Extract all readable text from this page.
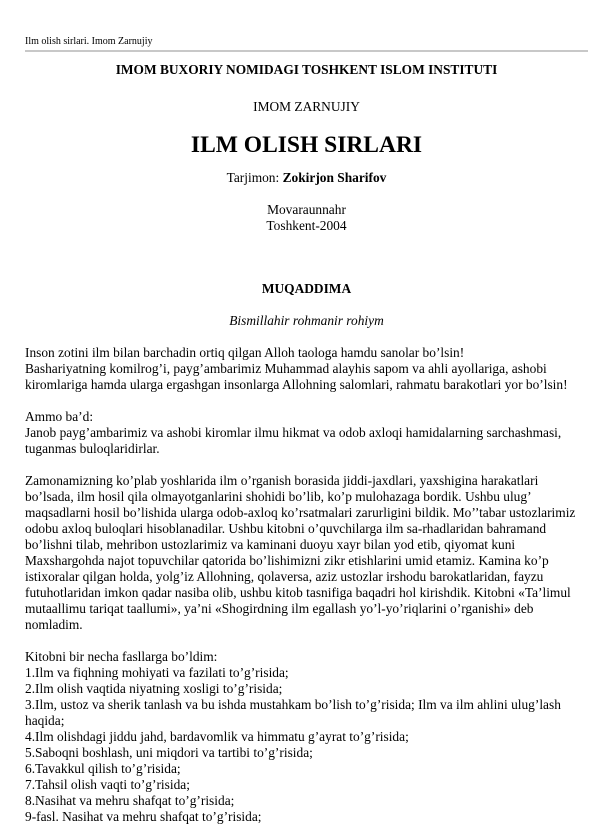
Ilm olish sirlari. Imom Zarnujiy
IMOM BUXORIY NOMIDAGI TOSHKENT ISLOM INSTITUTI
IMOM ZARNUJIY
ILM OLISH SIRLARI
Tarjimon: Zokirjon Sharifov
Movaraunnahr
Toshkent-2004
MUQADDIMA
Bismillahir rohmanir rohiym

Inson zotini ilm bilan barchadin ortiq qilgan Alloh taologa hamdu sanolar bo’lsin!

Bashariyatning komilrog’i, payg’ambarimiz Muhammad alayhis sapom va ahli ayollariga, ashobi kiromlariga hamda ularga ergashgan insonlarga Allohning salomlari, rahmatu barakotlari yor bo’lsin!

Ammo ba’d:

Janob payg’ambarimiz va ashobi kiromlar ilmu hikmat va odob axloqi hamidalarning sarchashmasi, tuganmas buloqlaridirlar.

Zamonamizning ko’plab yoshlarida ilm o’rganish borasida jiddi-jaxdlari, yaxshigina harakatlari bo’lsada, ilm hosil qila olmayotganlarini shohidi bo’lib, ko’p mulohazaga bordik. Ushbu ulug’ maqsadlarni hosil bo’lishida ularga odob-axloq ko’rsatmalari zarurligini bildik. Mo’’tabar ustozlarimiz odobu axloq buloqlari hisoblanadilar. Ushbu kitobni o’quvchilarga ilm sa-rhadlaridan bahramand bo’lishni tilab, mehribon ustozlarimiz va kaminani duoyu xayr bilan yod etib, qiyomat kuni Maxshargohda najot topuvchilar qatorida bo’lishimizni zikr etishlarini umid etamiz. Kamina ko’p istixoralar qilgan holda, yolg’iz Allohning, qolaversa, aziz ustozlar irshodu barokatlaridan, fayzu futuhotlaridan imkon qadar nasiba olib, ushbu kitob tasnifiga baqadri hol kirishdik. Kitobni «Ta’limul mutaallimu tariqat taallumi», ya’ni «Shogirdning ilm egallash yo’l-yo’riqlarini o’rganishi» deb nomladim.

Kitobni bir necha fasllarga bo’ldim:

1.Ilm va fiqhning mohiyati va fazilati to’g’risida;
2.Ilm olish vaqtida niyatning xosligi to’g’risida;
3.Ilm, ustoz va sherik tanlash va bu ishda mustahkam bo’lish to’g’risida; Ilm va ilm ahlini ulug’lash haqida;
4.Ilm olishdagi jiddu jahd, bardavomlik va himmatu g’ayrat to’g’risida;
5.Saboqni boshlash, uni miqdori va tartibi to’g’risida;
6.Tavakkul qilish to’g’risida;
7.Tahsil olish vaqti to’g’risida;
8.Nasihat va mehru shafqat to’g’risida;
9-fasl. Nasihat va mehru shafqat to’g’risida;
